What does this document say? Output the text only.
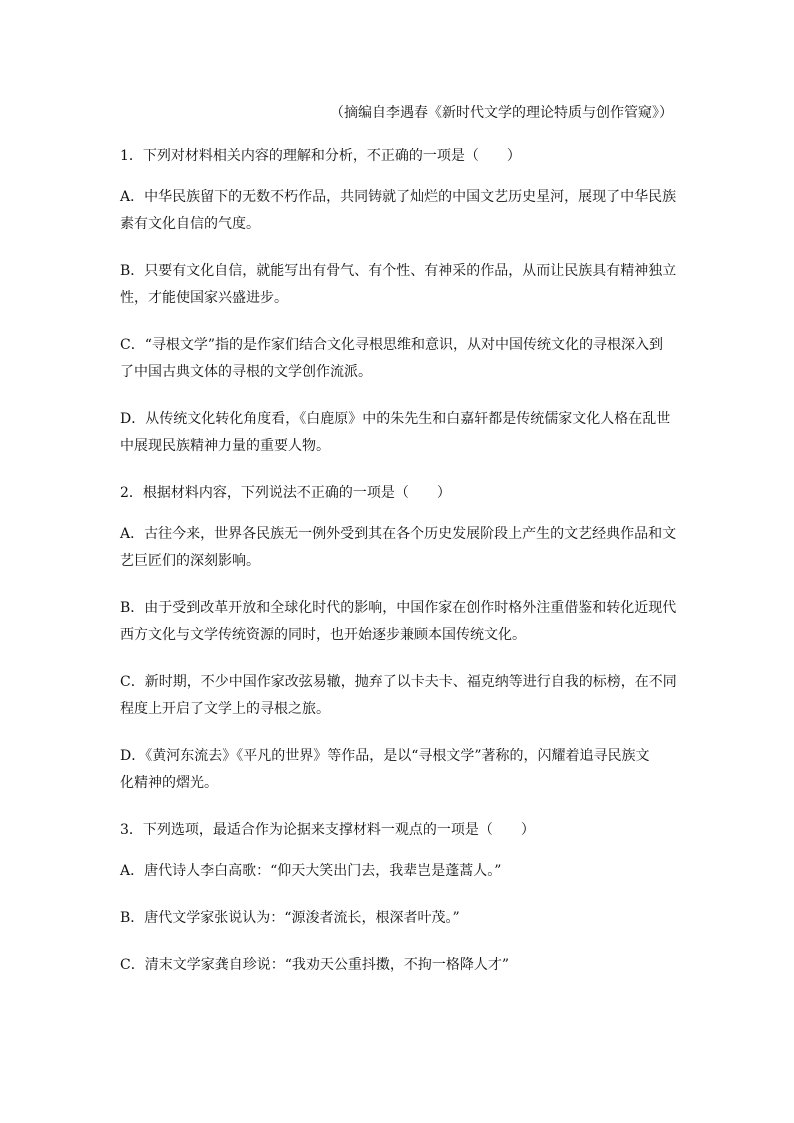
（摘编自李遇春《新时代文学的理论特质与创作管窥》）

1．下列对材料相关内容的理解和分析，不正确的一项是（　　）

A．中华民族留下的无数不朽作品，共同铸就了灿烂的中国文艺历史星河，展现了中华民族

素有文化自信的气度。

B．只要有文化自信，就能写出有骨气、有个性、有神采的作品，从而让民族具有精神独立

性，才能使国家兴盛进步。

C．“寻根文学”指的是作家们结合文化寻根思维和意识，从对中国传统文化的寻根深入到

了中国古典文体的寻根的文学创作流派。

D．从传统文化转化角度看，《白鹿原》中的朱先生和白嘉轩都是传统儒家文化人格在乱世

中展现民族精神力量的重要人物。

2．根据材料内容，下列说法不正确的一项是（　　）

A．古往今来，世界各民族无一例外受到其在各个历史发展阶段上产生的文艺经典作品和文

艺巨匠们的深刻影响。

B．由于受到改革开放和全球化时代的影响，中国作家在创作时格外注重借鉴和转化近现代

西方文化与文学传统资源的同时，也开始逐步兼顾本国传统文化。

C．新时期，不少中国作家改弦易辙，抛弃了以卡夫卡、福克纳等进行自我的标榜，在不同

程度上开启了文学上的寻根之旅。

D．《黄河东流去》《平凡的世界》等作品，是以“寻根文学”著称的，闪耀着追寻民族文

化精神的熠光。

3．下列选项，最适合作为论据来支撑材料一观点的一项是（　　）

A．唐代诗人李白高歌：“仰天大笑出门去，我辈岂是蓬蒿人。”

B．唐代文学家张说认为：“源浚者流长，根深者叶茂。”

C．清末文学家龚自珍说：“我劝天公重抖擞，不拘一格降人才”
